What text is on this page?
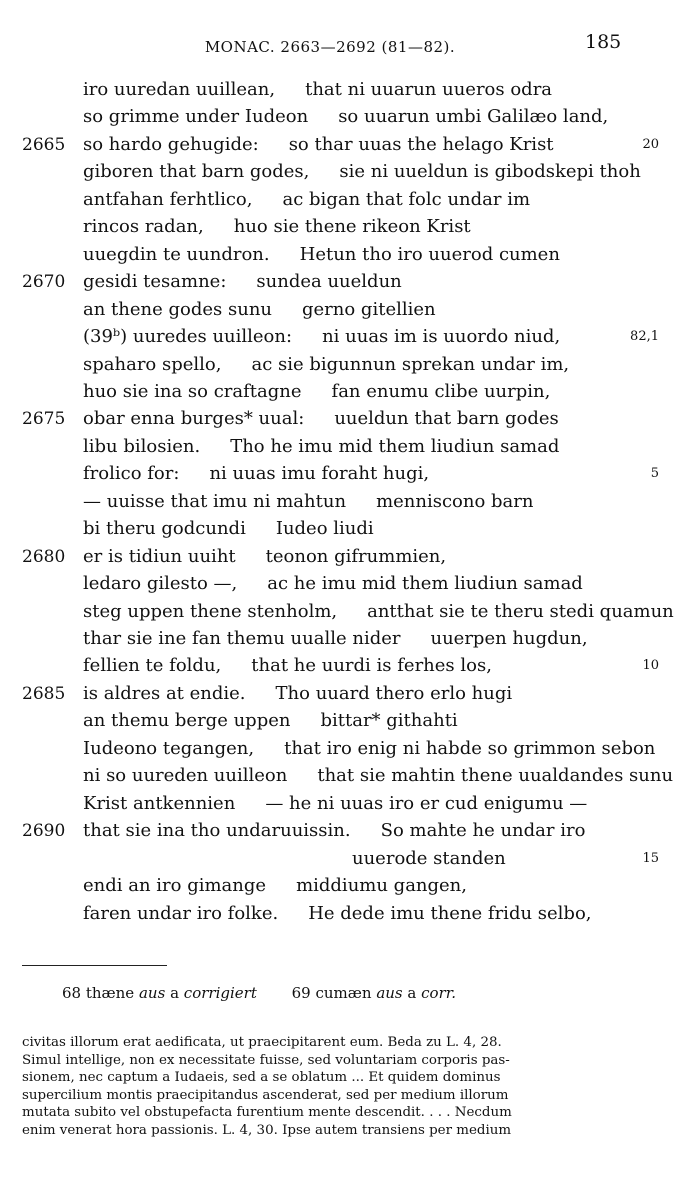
MONAC. 2663—2692 (81—82).	185
iro uuredan uuillean, that ni uuarun uueros odra
so grimme under Iudeon so uuarun umbi Galilæo land,
2665 so hardo gehugide: so thar uuas the helago Krist	20
giboren that barn godes, sie ni uueldun is gibodskepi thoh
antfahan ferhtlico, ac bigan that folc undar im
rincos radan, huo sie thene rikeon Krist
uuegdin te uundron. Hetun tho iro uuerod cumen
2670 gesidi tesamne: sundea uueldun
an thene godes sunu gerno gitellien
(39ᵇ) uuredes uuilleon: ni uuas im is uuordo niud,	82,1
spaharo spello, ac sie bigunnun sprekan undar im,
huo sie ina so craftagne fan enumu clibe uurpin,
2675 obar enna burges* uual: uueldun that barn godes
libu bilosien. Tho he imu mid them liudiun samad
frolico for: ni uuas imu foraht hugi,	5
— uuisse that imu ni mahtun menniscono barn
bi theru godcundi Iudeo liudi
2680 er is tidiun uuiht teonon gifrummien,
ledaro gilesto —, ac he imu mid them liudiun samad
steg uppen thene stenholm, antthat sie te theru stedi quamun
thar sie ine fan themu uualle nider uuerpen hugdun,
fellien te foldu, that he uurdi is ferhes los,	10
2685 is aldres at endie. Tho uuard thero erlo hugi
an themu berge uppen bittar* githahti
Iudeono tegangen, that iro enig ni habde so grimmon sebon
ni so uureden uuilleon that sie mahtin thene uualdandes sunu
Krist antkennien — he ni uuas iro er cud enigumu —
2690 that sie ina tho undaruuissin. So mahte he undar iro
uuerode standen	15
endi an iro gimange middiumu gangen,
faren undar iro folke. He dede imu thene fridu selbo,
68 thæne aus a corrigiert 69 cumæn aus a corr.
civitas illorum erat aedificata, ut praecipitarent eum. Beda zu L. 4, 28.
Simul intellige, non ex necessitate fuisse, sed voluntariam corporis pas-
sionem, nec captum a Iudaeis, sed a se oblatum ... Et quidem dominus
supercilium montis praecipitandus ascenderat, sed per medium illorum
mutata subito vel obstupefacta furentium mente descendit. . . . Necdum
enim venerat hora passionis. L. 4, 30. Ipse autem transiens per medium
